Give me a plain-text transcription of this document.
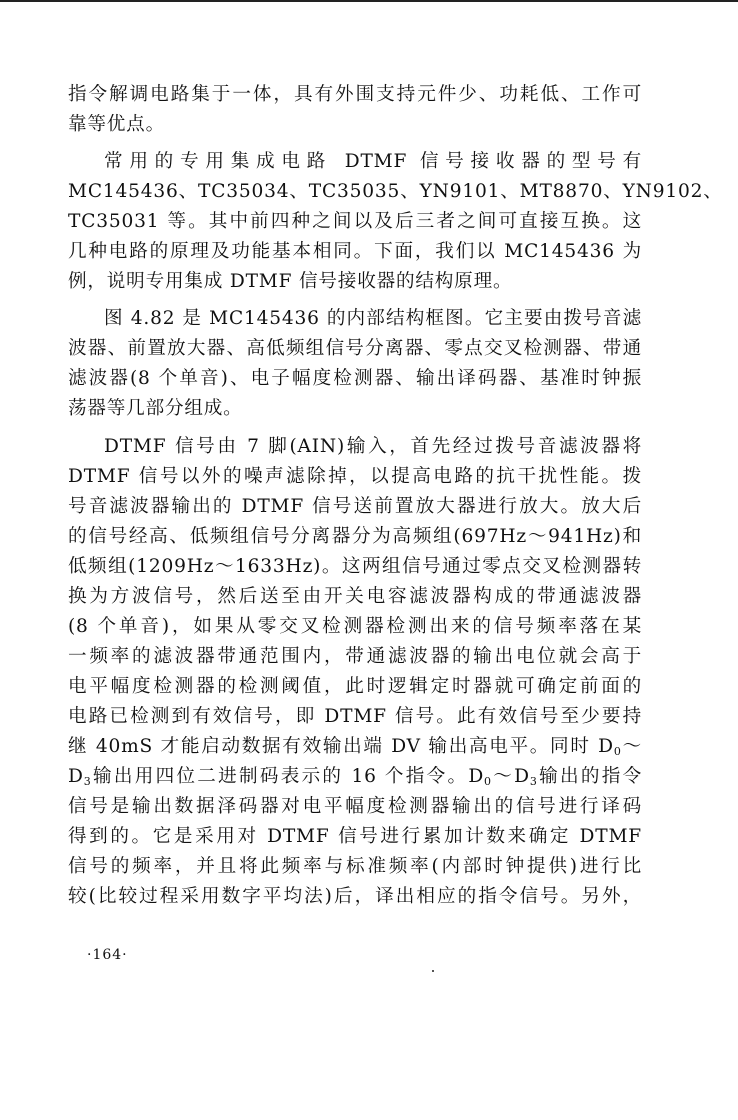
指令解调电路集于一体，具有外围支持元件少、功耗低、工作可
靠等优点。
常用的专用集成电路 DTMF 信号接收器的型号有
MC145436、TC35034、TC35035、YN9101、MT8870、YN9102、
TC35031 等。其中前四种之间以及后三者之间可直接互换。这
几种电路的原理及功能基本相同。下面，我们以 MC145436 为
例，说明专用集成 DTMF 信号接收器的结构原理。
图 4.82 是 MC145436 的内部结构框图。它主要由拨号音滤
波器、前置放大器、高低频组信号分离器、零点交叉检测器、带通
滤波器(8 个单音)、电子幅度检测器、输出译码器、基准时钟振
荡器等几部分组成。
DTMF 信号由 7 脚(AIN)输入，首先经过拨号音滤波器将
DTMF 信号以外的噪声滤除掉，以提高电路的抗干扰性能。拨
号音滤波器输出的 DTMF 信号送前置放大器进行放大。放大后
的信号经高、低频组信号分离器分为高频组(697Hz～941Hz)和
低频组(1209Hz～1633Hz)。这两组信号通过零点交叉检测器转
换为方波信号，然后送至由开关电容滤波器构成的带通滤波器
(8 个单音)，如果从零交叉检测器检测出来的信号频率落在某
一频率的滤波器带通范围内，带通滤波器的输出电位就会高于
电平幅度检测器的检测阈值，此时逻辑定时器就可确定前面的
电路已检测到有效信号，即 DTMF 信号。此有效信号至少要持
继 40mS 才能启动数据有效输出端 DV 输出高电平。同时 $D_0\sim$
$D_3$输出用四位二进制码表示的 16 个指令。$D_0\sim D_3$输出的指令
信号是输出数据泽码器对电平幅度检测器输出的信号进行译码
得到的。它是采用对 DTMF 信号进行累加计数来确定 DTMF
信号的频率，并且将此频率与标准频率(内部时钟提供)进行比
较(比较过程采用数字平均法)后，译出相应的指令信号。另外，
·164·
